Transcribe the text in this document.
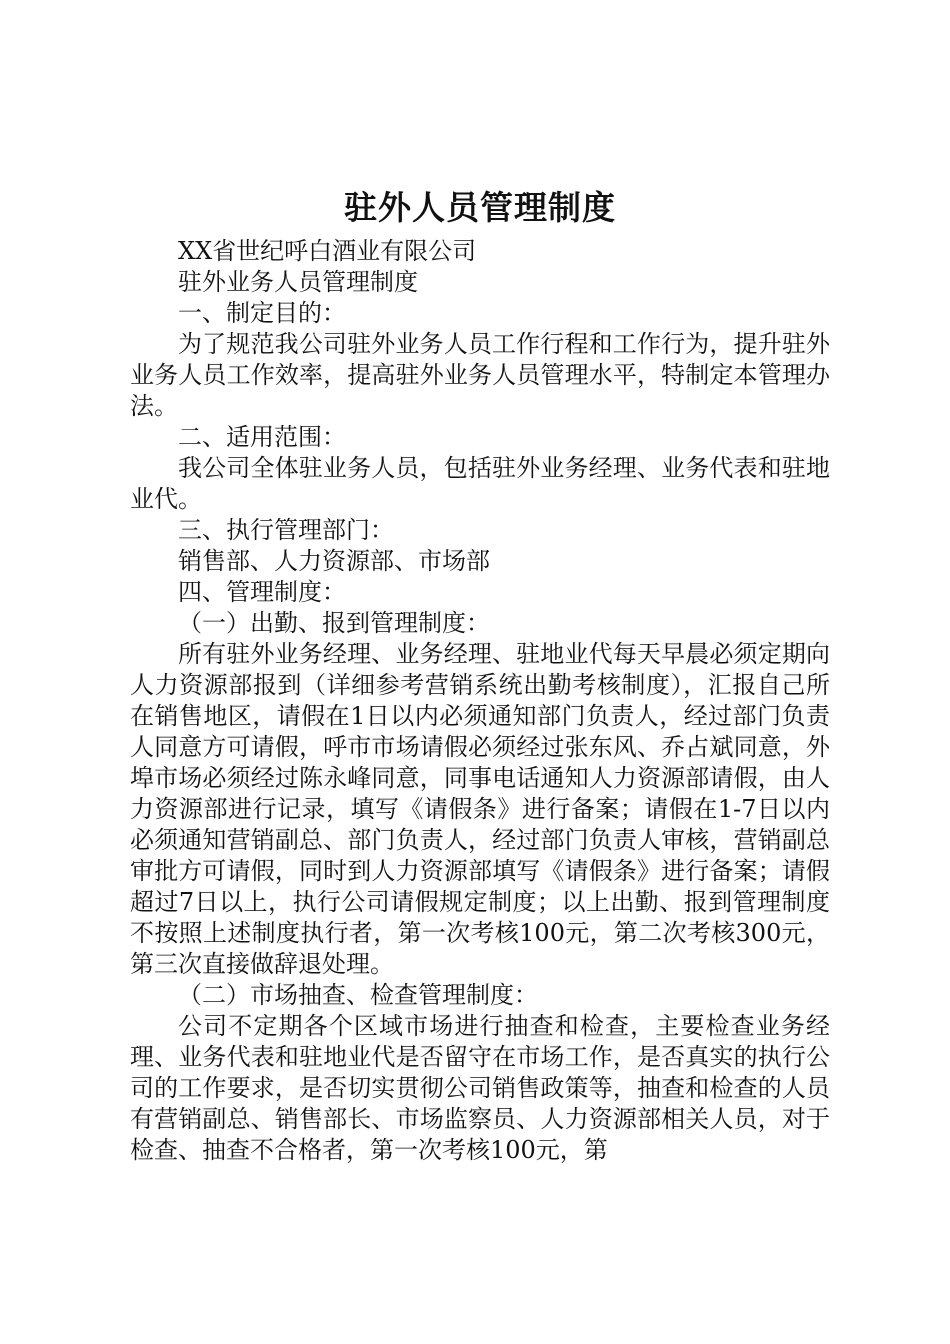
驻外人员管理制度

XX省世纪呼白酒业有限公司

驻外业务人员管理制度

一、制定目的：

为了规范我公司驻外业务人员工作行程和工作行为，提升驻外业务人员工作效率，提高驻外业务人员管理水平，特制定本管理办法。

二、适用范围：

我公司全体驻业务人员，包括驻外业务经理、业务代表和驻地业代。

三、执行管理部门：

销售部、人力资源部、市场部

四、管理制度：

（一）出勤、报到管理制度：

所有驻外业务经理、业务经理、驻地业代每天早晨必须定期向人力资源部报到（详细参考营销系统出勤考核制度），汇报自己所在销售地区，请假在1日以内必须通知部门负责人，经过部门负责人同意方可请假，呼市市场请假必须经过张东风、乔占斌同意，外埠市场必须经过陈永峰同意，同事电话通知人力资源部请假，由人力资源部进行记录，填写《请假条》进行备案；请假在1-7日以内必须通知营销副总、部门负责人，经过部门负责人审核，营销副总审批方可请假，同时到人力资源部填写《请假条》进行备案；请假超过7日以上，执行公司请假规定制度；以上出勤、报到管理制度不按照上述制度执行者，第一次考核100元，第二次考核300元，第三次直接做辞退处理。

（二）市场抽查、检查管理制度：

公司不定期各个区域市场进行抽查和检查，主要检查业务经理、业务代表和驻地业代是否留守在市场工作，是否真实的执行公司的工作要求，是否切实贯彻公司销售政策等，抽查和检查的人员有营销副总、销售部长、市场监察员、人力资源部相关人员，对于检查、抽查不合格者，第一次考核100元，第
